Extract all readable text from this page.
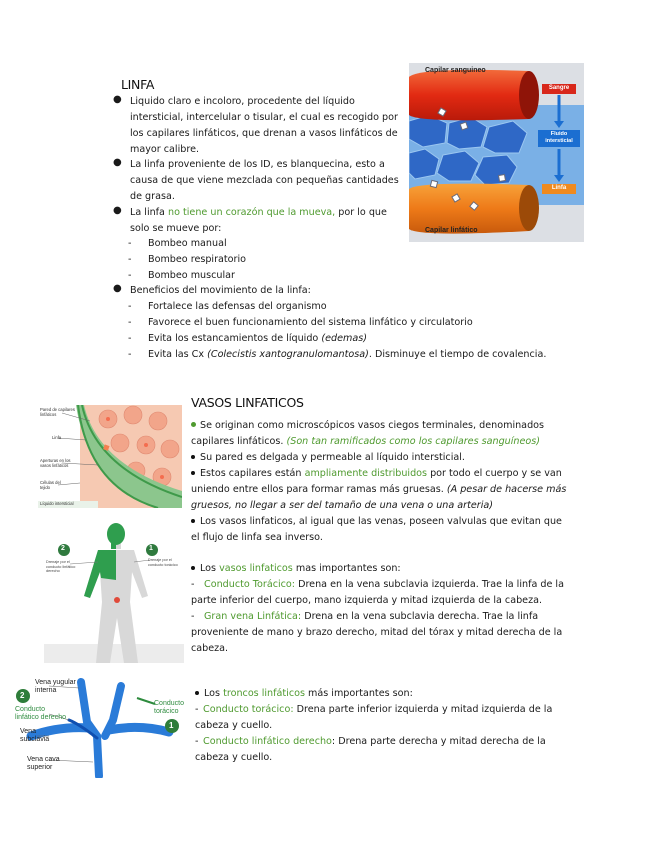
LINFA
● Liquido claro e incoloro, procedente del líquido
intersticial, intercelular o tisular, el cual es recogido por
los capilares linfáticos, que drenan a vasos linfáticos de
mayor calibre.
● La linfa proveniente de los ID, es blanquecina, esto a
causa de que viene mezclada con pequeñas cantidades
de grasa.
● La linfa no tiene un corazón que la mueva, por lo que
solo se mueve por:
- Bombeo manual
- Bombeo respiratorio
- Bombeo muscular
● Beneficios del movimiento de la linfa:
- Fortalece las defensas del organismo
- Favorece el buen funcionamiento del sistema linfático y circulatorio
- Evita los estancamientos de líquido (edemas)
- Evita las Cx (Colecistis xantogranulomantosa). Disminuye el tiempo de covalencia.
Capilar sanguineo
Capilar linfático
Sangre
Fluido intersticial
Linfa
VASOS LINFATICOS
Se originan como microscópicos vasos ciegos terminales, denominados
capilares linfáticos. (Son tan ramificados como los capilares sanguíneos)
Su pared es delgada y permeable al líquido intersticial.
Estos capilares están ampliamente distribuidos por todo el cuerpo y se van
uniendo entre ellos para formar ramas más gruesas. (A pesar de hacerse más
gruesos, no llegar a ser del tamaño de una vena o una arteria)
Los vasos linfaticos, al igual que las venas, poseen valvulas que evitan que
el flujo de linfa sea inverso.
Pared de capilares linfáticos
Linfa
Aperturas en los vasos linfáticos
Células del tejido
Líquido intersticial
2	1
Drenaje por el conducto linfático derecho
Drenaje por el conducto torácico	Los vasos linfaticos mas importantes son:
- Conducto Torácico: Drena en la vena subclavia izquierda. Trae la linfa de la
parte inferior del cuerpo, mano izquierda y mitad izquierda de la cabeza.
- Gran vena Linfática: Drena en la vena subclavia derecha. Trae la linfa
proveniente de mano y brazo derecho, mitad del tórax y mitad derecha de la
cabeza.
Los troncos linfáticos más importantes son:
- Conducto torácico: Drena parte inferior izquierda y mitad izquierda de la
cabeza y cuello.
- Conducto linfático derecho: Drena parte derecha y mitad derecha de la
cabeza y cuello.
2
1
Vena yugular interna
Conducto linfático derecho
Conducto torácico
Vena subclavia
Vena cava superior
